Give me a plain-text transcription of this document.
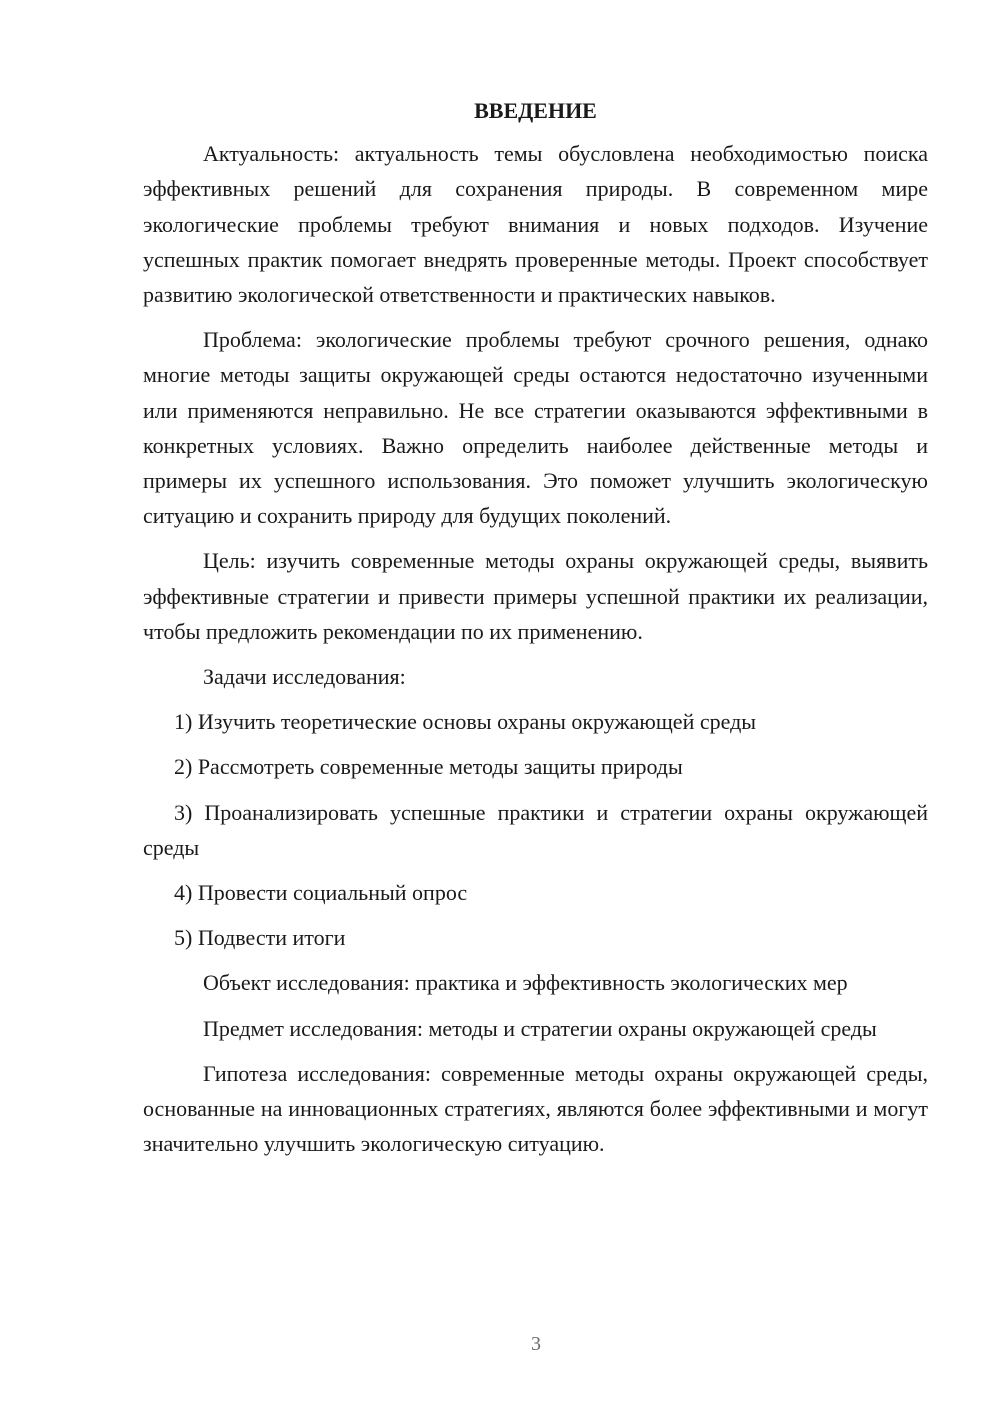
ВВЕДЕНИЕ

Актуальность: актуальность темы обусловлена необходимостью поиска эффективных решений для сохранения природы. В современном мире экологические проблемы требуют внимания и новых подходов. Изучение успешных практик помогает внедрять проверенные методы. Проект способствует развитию экологической ответственности и практических навыков.

Проблема: экологические проблемы требуют срочного решения, однако многие методы защиты окружающей среды остаются недостаточно изученными или применяются неправильно. Не все стратегии оказываются эффективными в конкретных условиях. Важно определить наиболее действенные методы и примеры их успешного использования. Это поможет улучшить экологическую ситуацию и сохранить природу для будущих поколений.

Цель: изучить современные методы охраны окружающей среды, выявить эффективные стратегии и привести примеры успешной практики их реализации, чтобы предложить рекомендации по их применению.

Задачи исследования:

1) Изучить теоретические основы охраны окружающей среды

2) Рассмотреть современные методы защиты природы

3) Проанализировать успешные практики и стратегии охраны окружающей среды

4) Провести социальный опрос

5) Подвести итоги

Объект исследования: практика и эффективность экологических мер

Предмет исследования: методы и стратегии охраны окружающей среды

Гипотеза исследования: современные методы охраны окружающей среды, основанные на инновационных стратегиях, являются более эффективными и могут значительно улучшить экологическую ситуацию.

3
